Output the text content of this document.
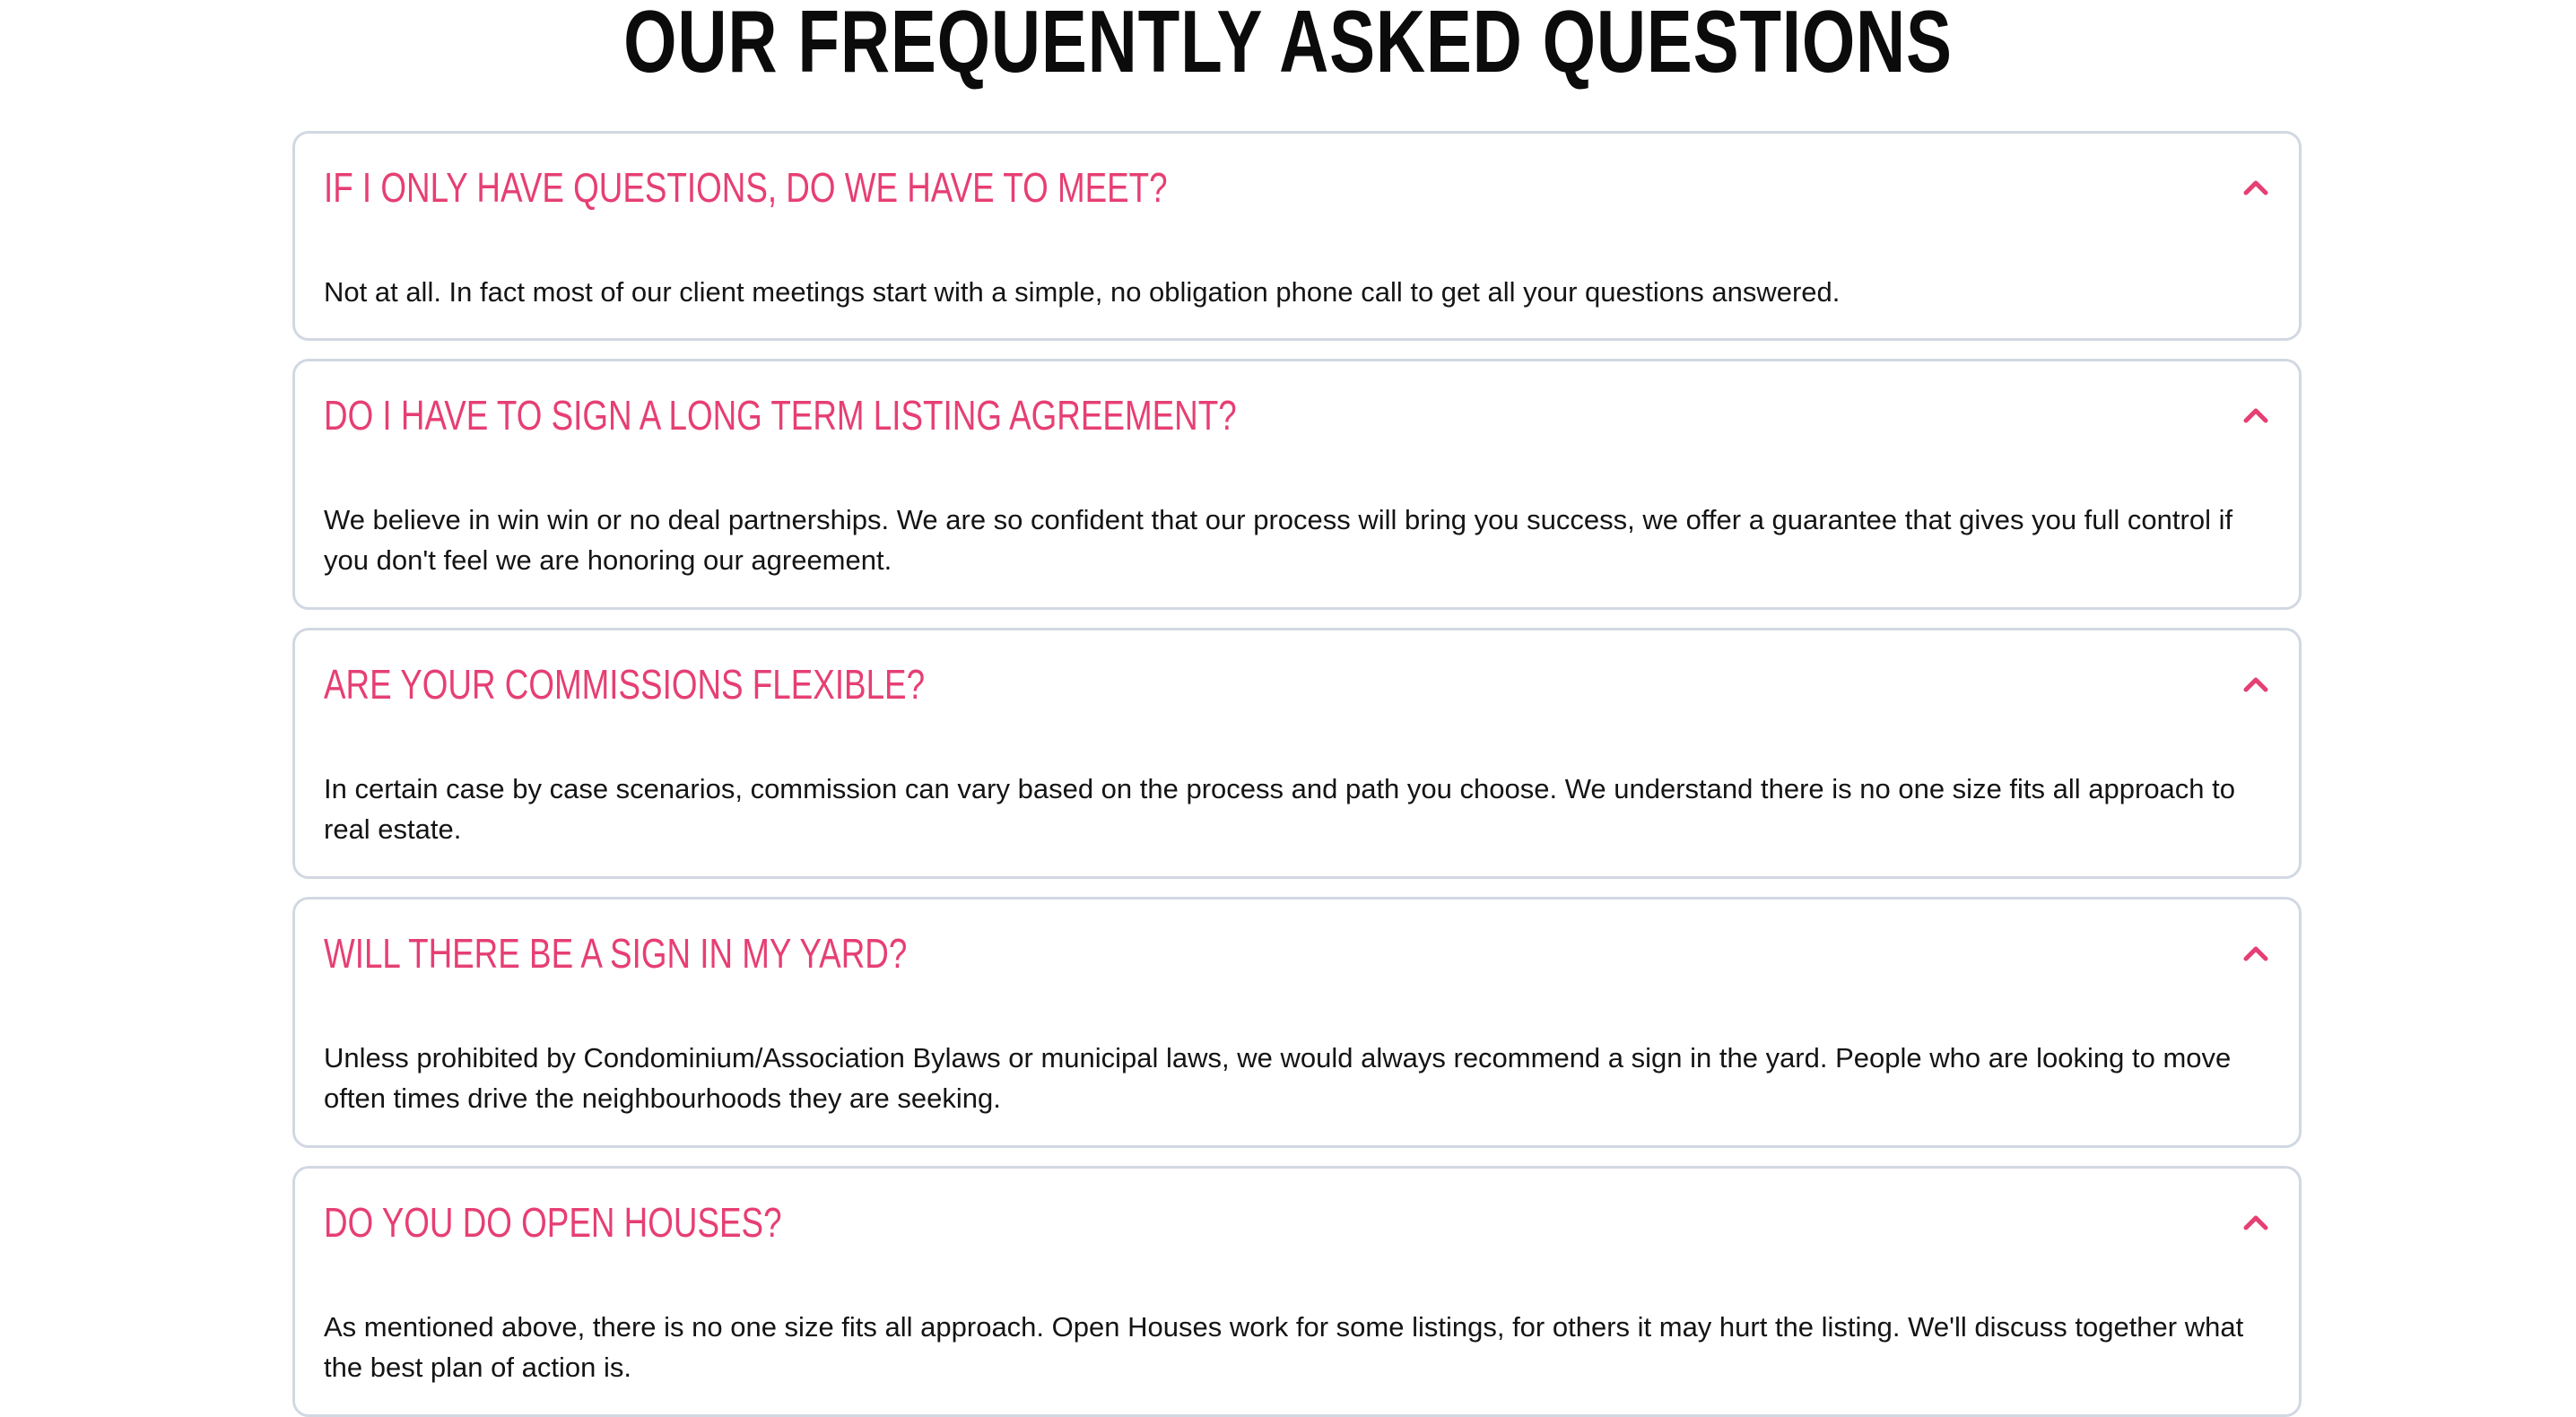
OUR FREQUENTLY ASKED QUESTIONS
IF I ONLY HAVE QUESTIONS, DO WE HAVE TO MEET?

Not at all. In fact most of our client meetings start with a simple, no obligation phone call to get all your questions answered.

DO I HAVE TO SIGN A LONG TERM LISTING AGREEMENT?

We believe in win win or no deal partnerships. We are so confident that our process will bring you success, we offer a guarantee that gives you full control if you don't feel we are honoring our agreement.

ARE YOUR COMMISSIONS FLEXIBLE?

In certain case by case scenarios, commission can vary based on the process and path you choose. We understand there is no one size fits all approach to real estate.

WILL THERE BE A SIGN IN MY YARD?

Unless prohibited by Condominium/Association Bylaws or municipal laws, we would always recommend a sign in the yard. People who are looking to move often times drive the neighbourhoods they are seeking.

DO YOU DO OPEN HOUSES?

As mentioned above, there is no one size fits all approach. Open Houses work for some listings, for others it may hurt the listing. We'll discuss together what the best plan of action is.
